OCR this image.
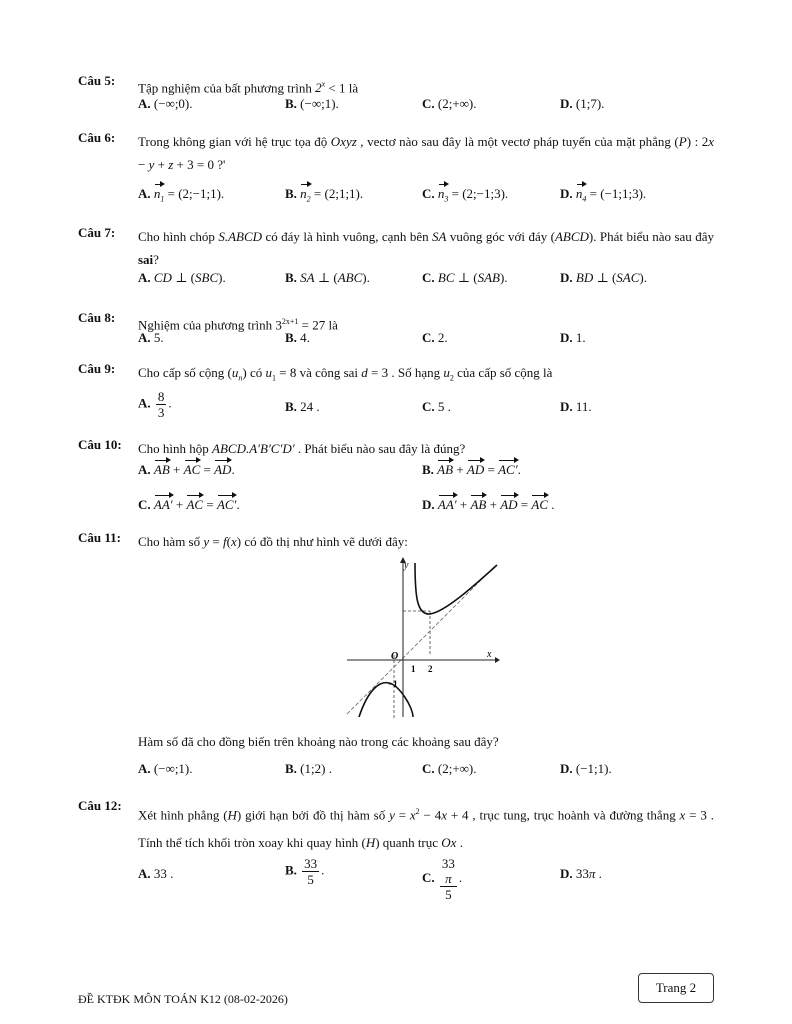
Câu 5: Tập nghiệm của bất phương trình $2^x < 1$ là
A. (−∞;0).	B. (−∞;1).	C. (2;+∞).	D. (1;7).
Câu 6: Trong không gian với hệ trục tọa độ Oxyz , vectơ nào sau đây là một vectơ pháp tuyến của mặt phẳng (P) : 2x − y + z + 3 = 0 ?'
A. $n_1$ = (2;−1;1).	B. $n_2$ = (2;1;1).	C. $n_3$ = (2;−1;3).	D. $n_4$ = (−1;1;3).
Câu 7: Cho hình chóp S.ABCD có đáy là hình vuông, cạnh bên SA vuông góc với đáy (ABCD). Phát biểu nào sau đây sai?
A. CD ⊥ (SBC).	B. SA ⊥ (ABC).	C. BC ⊥ (SAB).	D. BD ⊥ (SAC).
Câu 8: Nghiệm của phương trình $3^{2x+1} = 27$ là
A. 5.	B. 4.	C. 2.	D. 1.
Câu 9: Cho cấp số cộng $(u_n)$ có $u_1 = 8$ và công sai d = 3 . Số hạng $u_2$ của cấp số cộng là
A. $\frac{8}{3}$ .	B. 24 .	C. 5 .	D. 11.
Câu 10: Cho hình hộp ABCD.A′B′C′D′ . Phát biểu nào sau đây là đúng?
A. AB + AC = AD.	B. AB + AD = AC′.
C. AA′ + AC = AC′.	D. AA′ + AB + AD = AC .
Câu 11: Cho hàm số y = f(x) có đồ thị như hình vẽ dưới đây:
y
x
O
1 2
−1
Hàm số đã cho đồng biến trên khoảng nào trong các khoảng sau đây?
A. (−∞;1).	B. (1;2) .	C. (2;+∞).	D. (−1;1).
Câu 12:
Xét hình phẳng (H) giới hạn bởi đồ thị hàm số $y = x^2 - 4x + 4$ , trục tung, trục hoành và đường thẳng x = 3 . Tính thể tích khối tròn xoay khi quay hình (H) quanh trục Ox .
A. 33 .	B. $\frac{33}{5}$ .	C. 33
π
5 .	D. 33π .
Trang 2
ĐỀ KTĐK MÔN TOÁN K12 (08-02-2026)
